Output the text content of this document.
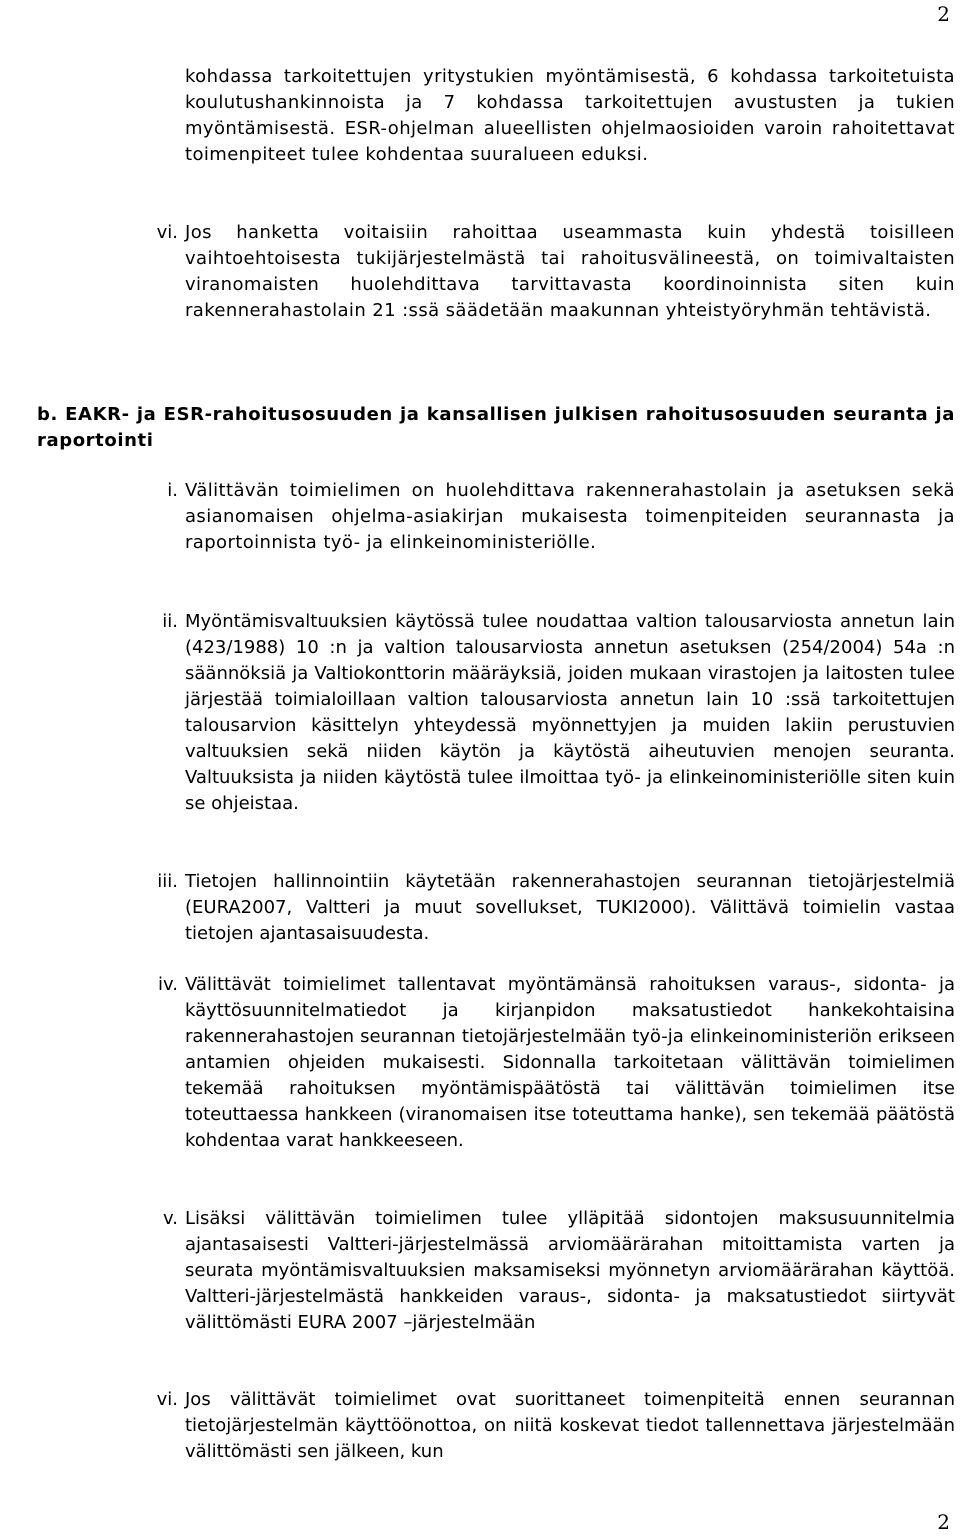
2

kohdassa tarkoitettujen yritystukien myöntämisestä, 6 kohdassa tarkoitetuista koulutushankinnoista ja 7 kohdassa tarkoitettujen avustusten ja tukien myöntämisestä. ESR-ohjelman alueellisten ohjelmaosioiden varoin rahoitettavat toimenpiteet tulee kohdentaa suuralueen eduksi.

vi. Jos hanketta voitaisiin rahoittaa useammasta kuin yhdestä toisilleen vaihtoehtoisesta tukijärjestelmästä tai rahoitusvälineestä, on toimivaltaisten viranomaisten huolehdittava tarvittavasta koordinoinnista siten kuin rakennerahastolain 21 :ssä säädetään maakunnan yhteistyöryhmän tehtävistä.

b. EAKR- ja ESR-rahoitusosuuden ja kansallisen julkisen rahoitusosuuden seuranta ja raportointi

i. Välittävän toimielimen on huolehdittava rakennerahastolain ja asetuksen sekä asianomaisen ohjelma-asiakirjan mukaisesta toimenpiteiden seurannasta ja raportoinnista työ- ja elinkeinoministeriölle.

ii. Myöntämisvaltuuksien käytössä tulee noudattaa valtion talousarviosta annetun lain (423/1988) 10 :n ja valtion talousarviosta annetun asetuksen (254/2004) 54a :n säännöksiä ja Valtiokonttorin määräyksiä, joiden mukaan virastojen ja laitosten tulee järjestää toimialoillaan valtion talousarviosta annetun lain 10 :ssä tarkoitettujen talousarvion käsittelyn yhteydessä myönnettyjen ja muiden lakiin perustuvien valtuuksien sekä niiden käytön ja käytöstä aiheutuvien menojen seuranta. Valtuuksista ja niiden käytöstä tulee ilmoittaa työ- ja elinkeinoministeriölle siten kuin se ohjeistaa.

iii. Tietojen hallinnointiin käytetään rakennerahastojen seurannan tietojärjestelmiä (EURA2007, Valtteri ja muut sovellukset, TUKI2000). Välittävä toimielin vastaa tietojen ajantasaisuudesta.

iv. Välittävät toimielimet tallentavat myöntämänsä rahoituksen varaus-, sidonta- ja käyttösuunnitelmatiedot ja kirjanpidon maksatustiedot hankekohtaisina rakennerahastojen seurannan tietojärjestelmään työ-ja elinkeinoministeriön erikseen antamien ohjeiden mukaisesti. Sidonnalla tarkoitetaan välittävän toimielimen tekemää rahoituksen myöntämispäätöstä tai välittävän toimielimen itse toteuttaessa hankkeen (viranomaisen itse toteuttama hanke), sen tekemää päätöstä kohdentaa varat hankkeeseen.

v. Lisäksi välittävän toimielimen tulee ylläpitää sidontojen maksusuunnitelmia ajantasaisesti Valtteri-järjestelmässä arviomäärärahan mitoittamista varten ja seurata myöntämisvaltuuksien maksamiseksi myönnetyn arviomäärärahan käyttöä. Valtteri-järjestelmästä hankkeiden varaus-, sidonta- ja maksatustiedot siirtyvät välittömästi EURA 2007 –järjestelmään

vi. Jos välittävät toimielimet ovat suorittaneet toimenpiteitä ennen seurannan tietojärjestelmän käyttöönottoa, on niitä koskevat tiedot tallennettava järjestelmään välittömästi sen jälkeen, kun

2
